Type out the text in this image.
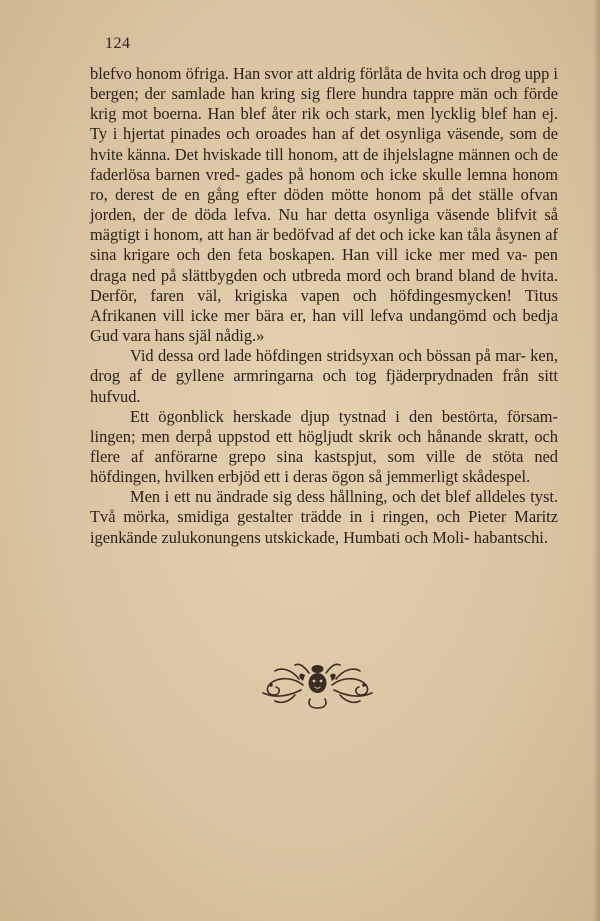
124

blefvo honom öfriga. Han svor att aldrig förlåta de hvita och drog upp i bergen; der samlade han kring sig flere hundra tappre män och förde krig mot boerna. Han blef åter rik och stark, men lycklig blef han ej. Ty i hjertat pinades och oroades han af det osynliga väsende, som de hvite känna. Det hviskade till honom, att de ihjelslagne männen och de faderlösa barnen vred- gades på honom och icke skulle lemna honom ro, derest de en gång efter döden mötte honom på det ställe ofvan jorden, der de döda lefva. Nu har detta osynliga väsende blifvit så mägtigt i honom, att han är bedöfvad af det och icke kan tåla åsynen af sina krigare och den feta boskapen. Han vill icke mer med va- pen draga ned på slättbygden och utbreda mord och brand bland de hvita. Derför, faren väl, krigiska vapen och höfdingesmycken! Titus Afrikanen vill icke mer bära er, han vill lefva undangömd och bedja Gud vara hans själ nådig.»

Vid dessa ord lade höfdingen stridsyxan och bössan på mar- ken, drog af de gyllene armringarna och tog fjäderprydnaden från sitt hufvud.

Ett ögonblick herskade djup tystnad i den bestörta, försam- lingen; men derpå uppstod ett högljudt skrik och hånande skratt, och flere af anförarne grepo sina kastspjut, som ville de stöta ned höfdingen, hvilken erbjöd ett i deras ögon så jemmerligt skådespel.

Men i ett nu ändrade sig dess hållning, och det blef alldeles tyst. Två mörka, smidiga gestalter trädde in i ringen, och Pieter Maritz igenkände zulukonungens utskickade, Humbati och Moli- habantschi.
